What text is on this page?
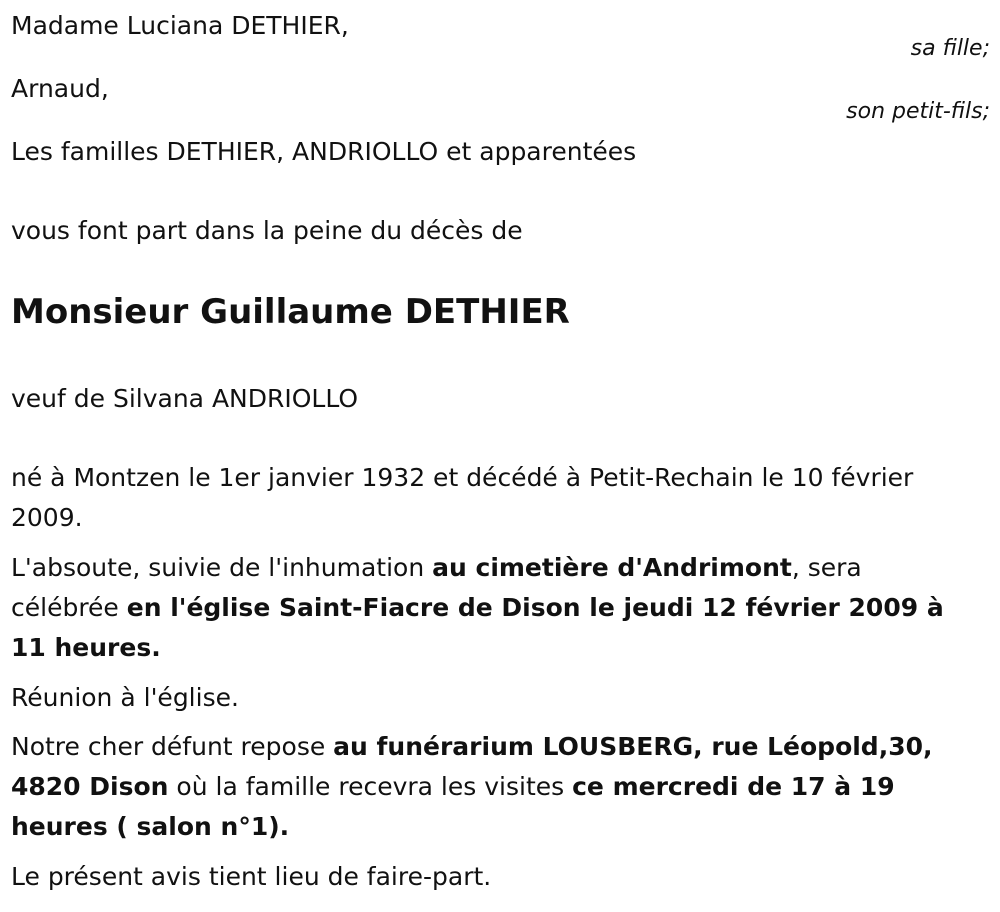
Madame Luciana DETHIER,
sa fille;
Arnaud,
son petit-fils;
Les familles DETHIER, ANDRIOLLO et apparentées
vous font part dans la peine du décès de
Monsieur Guillaume DETHIER
veuf de Silvana ANDRIOLLO
né à Montzen le 1er janvier 1932 et décédé à Petit-Rechain le 10 février 2009.
L'absoute, suivie de l'inhumation au cimetière d'Andrimont, sera célébrée en l'église Saint-Fiacre de Dison le jeudi 12 février 2009 à 11 heures.
Réunion à l'église.
Notre cher défunt repose au funérarium LOUSBERG, rue Léopold,30, 4820 Dison où la famille recevra les visites ce mercredi de 17 à 19 heures ( salon n°1).
Le présent avis tient lieu de faire-part.
